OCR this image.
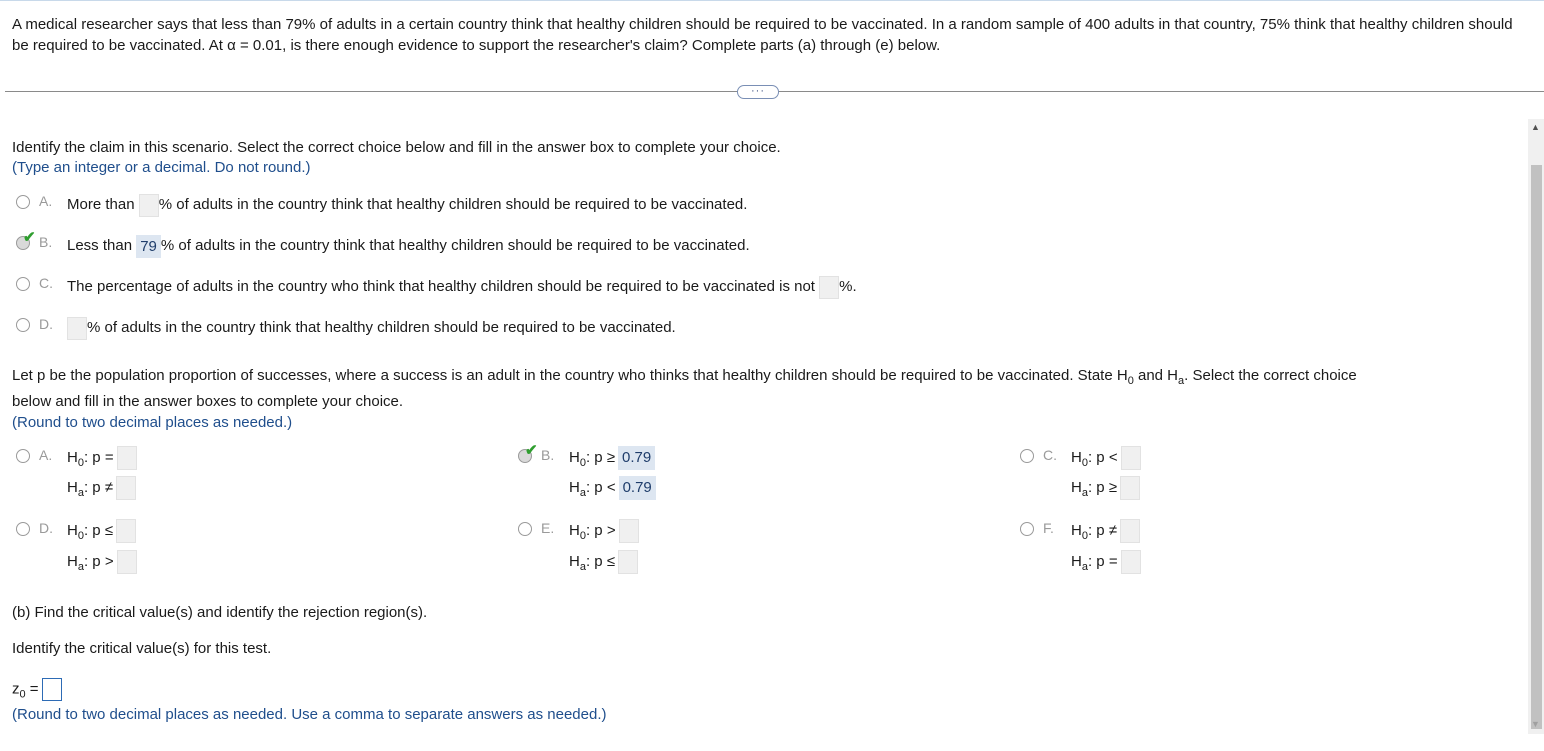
A medical researcher says that less than 79% of adults in a certain country think that healthy children should be required to be vaccinated. In a random sample of 400 adults in that country, 75% think that healthy children should be required to be vaccinated. At α = 0.01, is there enough evidence to support the researcher's claim? Complete parts (a) through (e) below.
···
Identify the claim in this scenario. Select the correct choice below and fill in the answer box to complete your choice.
(Type an integer or a decimal. Do not round.)
A. More than % of adults in the country think that healthy children should be required to be vaccinated.
✔ B. Less than 79 % of adults in the country think that healthy children should be required to be vaccinated.
C. The percentage of adults in the country who think that healthy children should be required to be vaccinated is not %.
D.	% of adults in the country think that healthy children should be required to be vaccinated.
Let p be the population proportion of successes, where a success is an adult in the country who thinks that healthy children should be required to be vaccinated. State $H_0$ and $H_a$. Select the correct choice
below and fill in the answer boxes to complete your choice.
(Round to two decimal places as needed.)
A. $H_0$: p =
$H_a$: p ≠
✔ B. $H_0$: p ≥ 0.79
$H_a$: p < 0.79
C. $H_0$: p <
$H_a$: p ≥
D. $H_0$: p ≤
$H_a$: p >
E. $H_0$: p >
$H_a$: p ≤
F. $H_0$: p ≠
$H_a$: p =
(b) Find the critical value(s) and identify the rejection region(s).
Identify the critical value(s) for this test.
$z_0$ =
(Round to two decimal places as needed. Use a comma to separate answers as needed.)
▲
▼
